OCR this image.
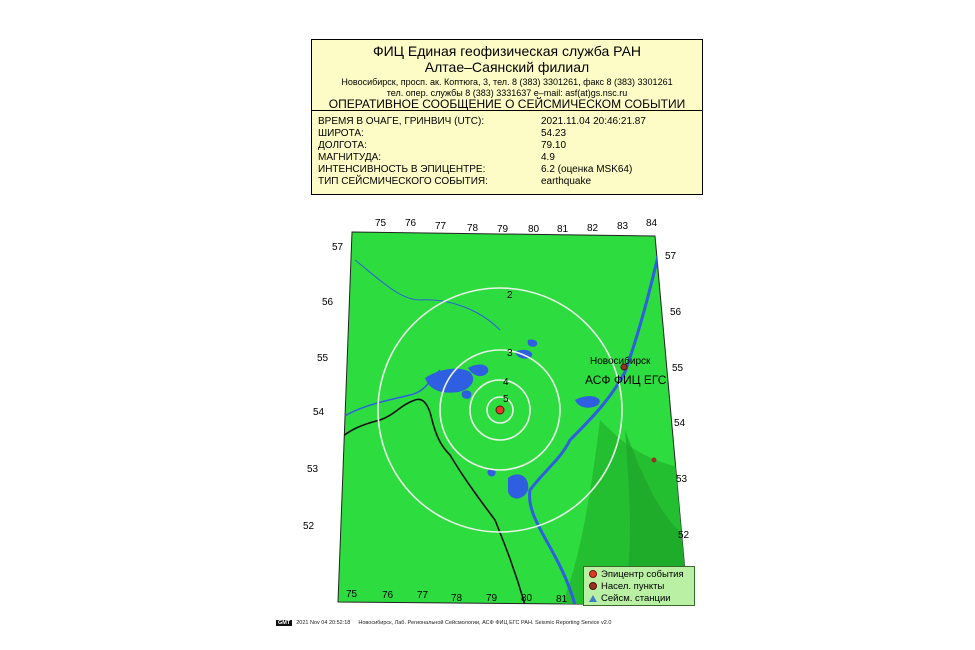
ФИЦ Единая геофизическая служба РАН
Алтае–Саянский филиал
Новосибирск, просп. ак. Коптюга, 3, тел. 8 (383) 3301261, факс 8 (383) 3301261
тел. опер. службы 8 (383) 3331637 e–mail: asf(at)gs.nsc.ru
ОПЕРАТИВНОЕ СООБЩЕНИЕ О СЕЙСМИЧЕСКОМ СОБЫТИИ
ВРЕМЯ В ОЧАГЕ, ГРИНВИЧ (UTC):	2021.11.04 20:46:21.87
ШИРОТА:	54.23
ДОЛГОТА:	79.10
МАГНИТУДА:	4.9
ИНТЕНСИВНОСТЬ В ЭПИЦЕНТРЕ:	6.2 (оценка MSK64)
ТИП СЕЙСМИЧЕСКОГО СОБЫТИЯ:	earthquake
2
3
4
5
Новосибирск
АСФ ФИЦ ЕГС
75 76 77 78 79 80 81 82 83 84
75 76 77 78 79 80 81
57
56
55
54
53
52
57
56
55
54
53
52
Эпицентр события
Насел. пункты
Сейсм. станции
GMT 2021 Nov 04 20:52:18 Новосибирск, Лаб. Региональной Сейсмологии, АСФ ФИЦ ЕГС РАН. Seismic Reporting Service v2.0
